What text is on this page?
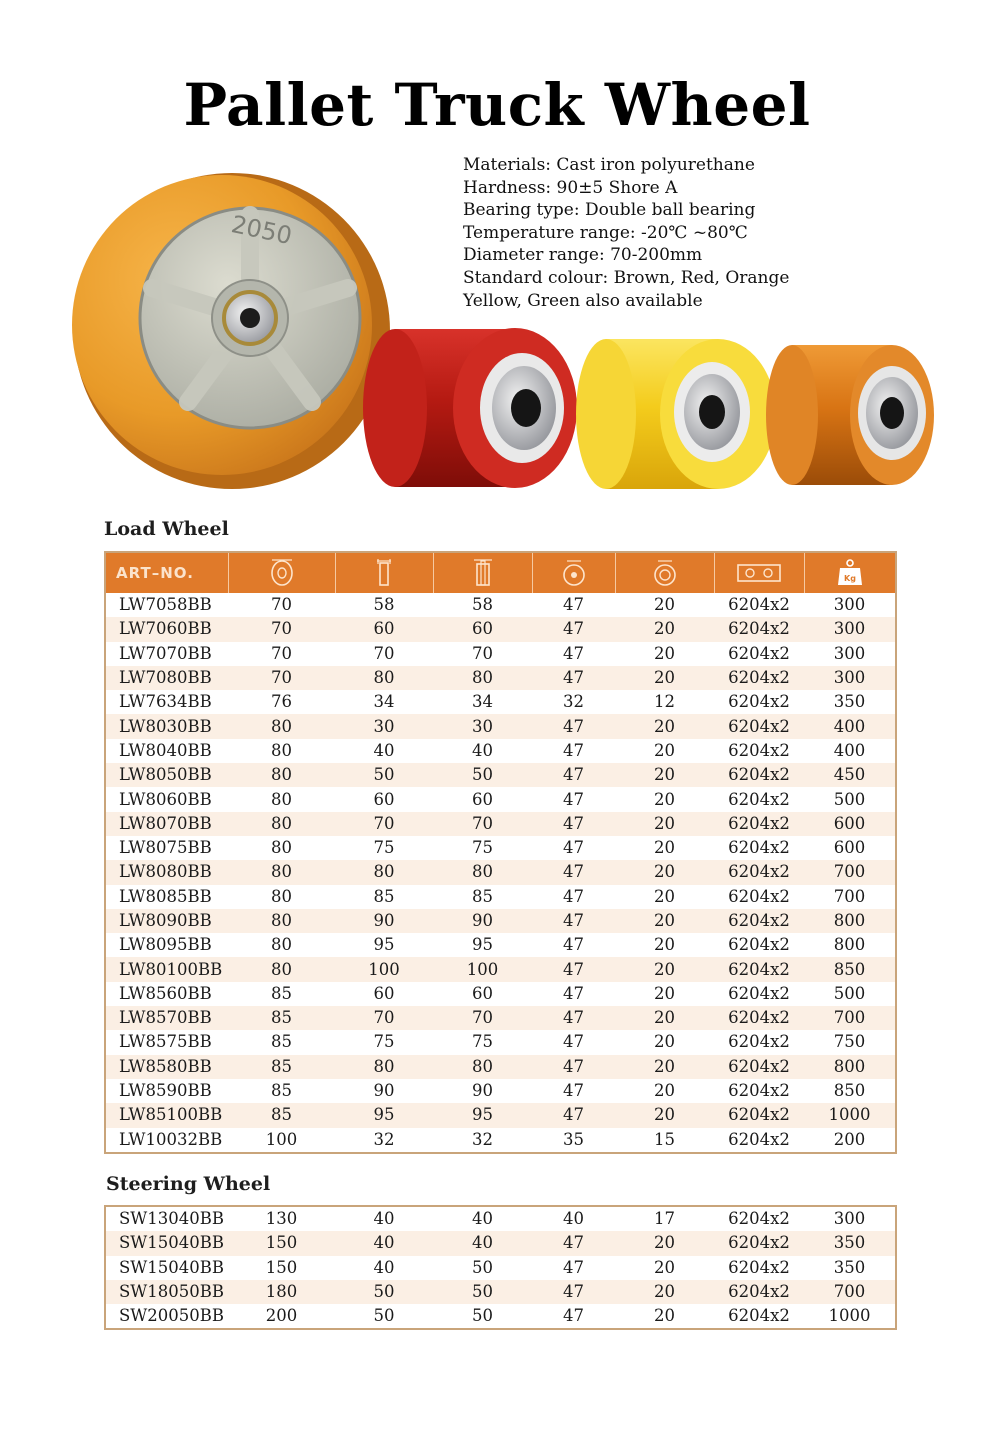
Pallet Truck Wheel
2050
Materials: Cast iron polyurethane
Hardness: 90±5 Shore A
Bearing type: Double ball bearing
Temperature range: -20℃ ~80℃
Diameter range: 70-200mm
Standard colour: Brown, Red, Orange
Yellow, Green also available
Load Wheel
ART–NO.							Kg

LW7058BB	70	58	58	47	20	6204x2	300
LW7060BB	70	60	60	47	20	6204x2	300
LW7070BB	70	70	70	47	20	6204x2	300
LW7080BB	70	80	80	47	20	6204x2	300
LW7634BB	76	34	34	32	12	6204x2	350
LW8030BB	80	30	30	47	20	6204x2	400
LW8040BB	80	40	40	47	20	6204x2	400
LW8050BB	80	50	50	47	20	6204x2	450
LW8060BB	80	60	60	47	20	6204x2	500
LW8070BB	80	70	70	47	20	6204x2	600
LW8075BB	80	75	75	47	20	6204x2	600
LW8080BB	80	80	80	47	20	6204x2	700
LW8085BB	80	85	85	47	20	6204x2	700
LW8090BB	80	90	90	47	20	6204x2	800
LW8095BB	80	95	95	47	20	6204x2	800
LW80100BB	80	100	100	47	20	6204x2	850
LW8560BB	85	60	60	47	20	6204x2	500
LW8570BB	85	70	70	47	20	6204x2	700
LW8575BB	85	75	75	47	20	6204x2	750
LW8580BB	85	80	80	47	20	6204x2	800
LW8590BB	85	90	90	47	20	6204x2	850
LW85100BB	85	95	95	47	20	6204x2	1000
LW10032BB	100	32	32	35	15	6204x2	200
Steering Wheel
SW13040BB	130	40	40	40	17	6204x2	300
SW15040BB	150	40	40	47	20	6204x2	350
SW15040BB	150	40	50	47	20	6204x2	350
SW18050BB	180	50	50	47	20	6204x2	700
SW20050BB	200	50	50	47	20	6204x2	1000
